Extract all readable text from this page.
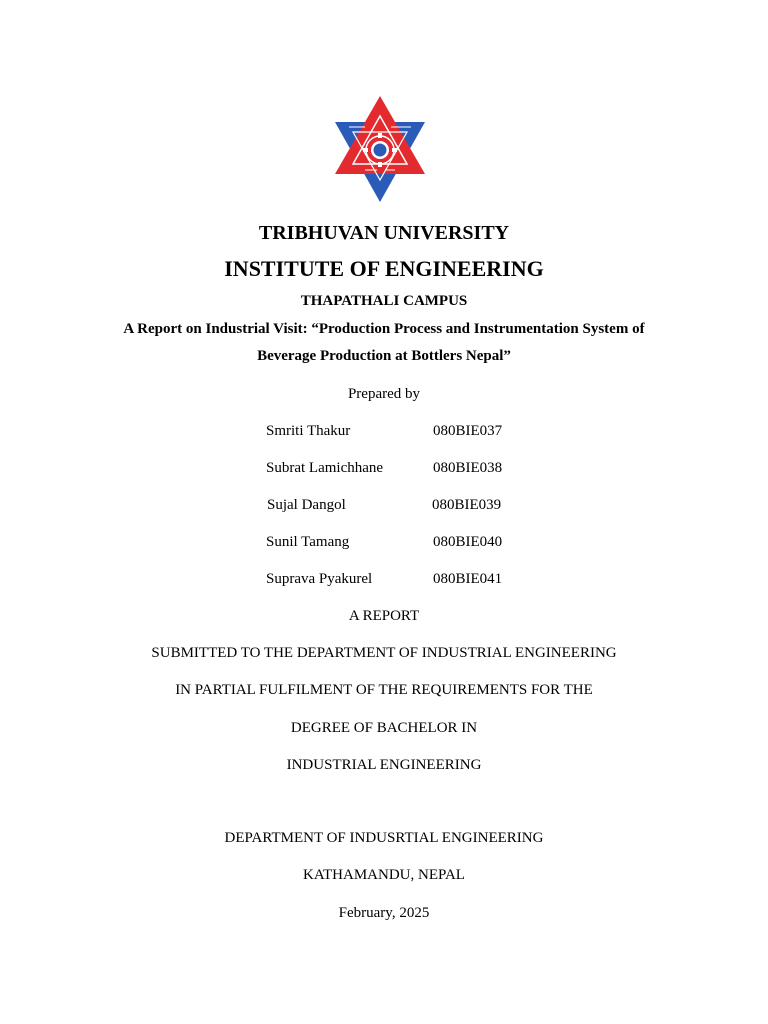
TRIBHUVAN UNIVERSITY
INSTITUTE OF ENGINEERING
THAPATHALI CAMPUS
A Report on Industrial Visit: “Production Process and Instrumentation System of
Beverage Production at Bottlers Nepal”
Prepared by
Smriti Thakur	080BIE037
Subrat Lamichhane	080BIE038
Sujal Dangol	080BIE039
Sunil Tamang	080BIE040
Suprava Pyakurel	080BIE041
A REPORT
SUBMITTED TO THE DEPARTMENT OF INDUSTRIAL ENGINEERING
IN PARTIAL FULFILMENT OF THE REQUIREMENTS FOR THE
DEGREE OF BACHELOR IN
INDUSTRIAL ENGINEERING
DEPARTMENT OF INDUSRTIAL ENGINEERING
KATHAMANDU, NEPAL
February, 2025
